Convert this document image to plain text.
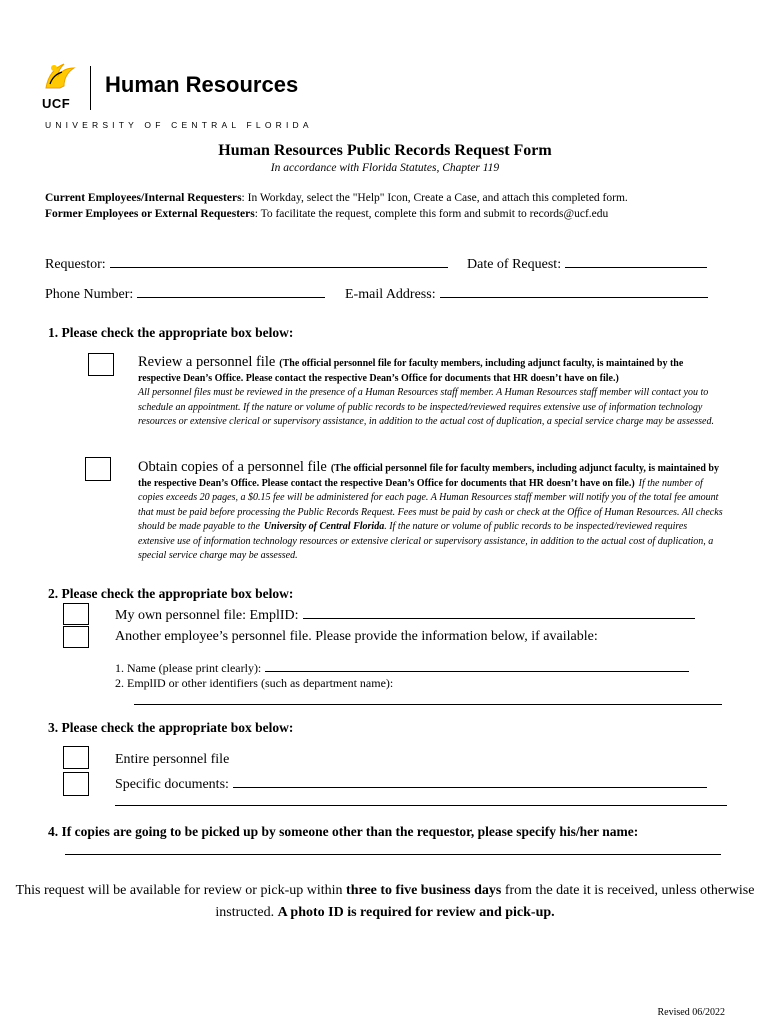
UCF
Human Resources
UNIVERSITY OF CENTRAL FLORIDA
Human Resources Public Records Request Form
In accordance with Florida Statutes, Chapter 119
Current Employees/Internal Requesters: In Workday, select the "Help" Icon, Create a Case, and attach this completed form.
Former Employees or External Requesters: To facilitate the request, complete this form and submit to records@ucf.edu
Requestor:	Date of Request:
Phone Number:	E-mail Address:
1. Please check the appropriate box below:
Review a personnel file (The official personnel file for faculty members, including adjunct faculty, is maintained by the respective Dean’s Office. Please contact the respective Dean’s Office for documents that HR doesn’t have on file.)
All personnel files must be reviewed in the presence of a Human Resources staff member. A Human Resources staff member will contact you to schedule an appointment. If the nature or volume of public records to be inspected/reviewed requires extensive use of information technology resources or extensive clerical or supervisory assistance, in addition to the actual cost of duplication, a special service charge may be assessed.
Obtain copies of a personnel file (The official personnel file for faculty members, including adjunct faculty, is maintained by the respective Dean’s Office. Please contact the respective Dean’s Office for documents that HR doesn’t have on file.) If the number of copies exceeds 20 pages, a $0.15 fee will be administered for each page. A Human Resources staff member will notify you of the total fee amount that must be paid before processing the Public Records Request. Fees must be paid by cash or check at the Office of Human Resources. All checks should be made payable to the University of Central Florida. If the nature or volume of public records to be inspected/reviewed requires extensive use of information technology resources or extensive clerical or supervisory assistance, in addition to the actual cost of duplication, a special service charge may be assessed.
2. Please check the appropriate box below:
My own personnel file: EmplID:
Another employee’s personnel file. Please provide the information below, if available:
1. Name (please print clearly):
2. EmplID or other identifiers (such as department name):
3. Please check the appropriate box below:
Entire personnel file
Specific documents:
4. If copies are going to be picked up by someone other than the requestor, please specify his/her name:
This request will be available for review or pick-up within three to five business days from the date it is received, unless otherwise instructed. A photo ID is required for review and pick-up.
Revised 06/2022
